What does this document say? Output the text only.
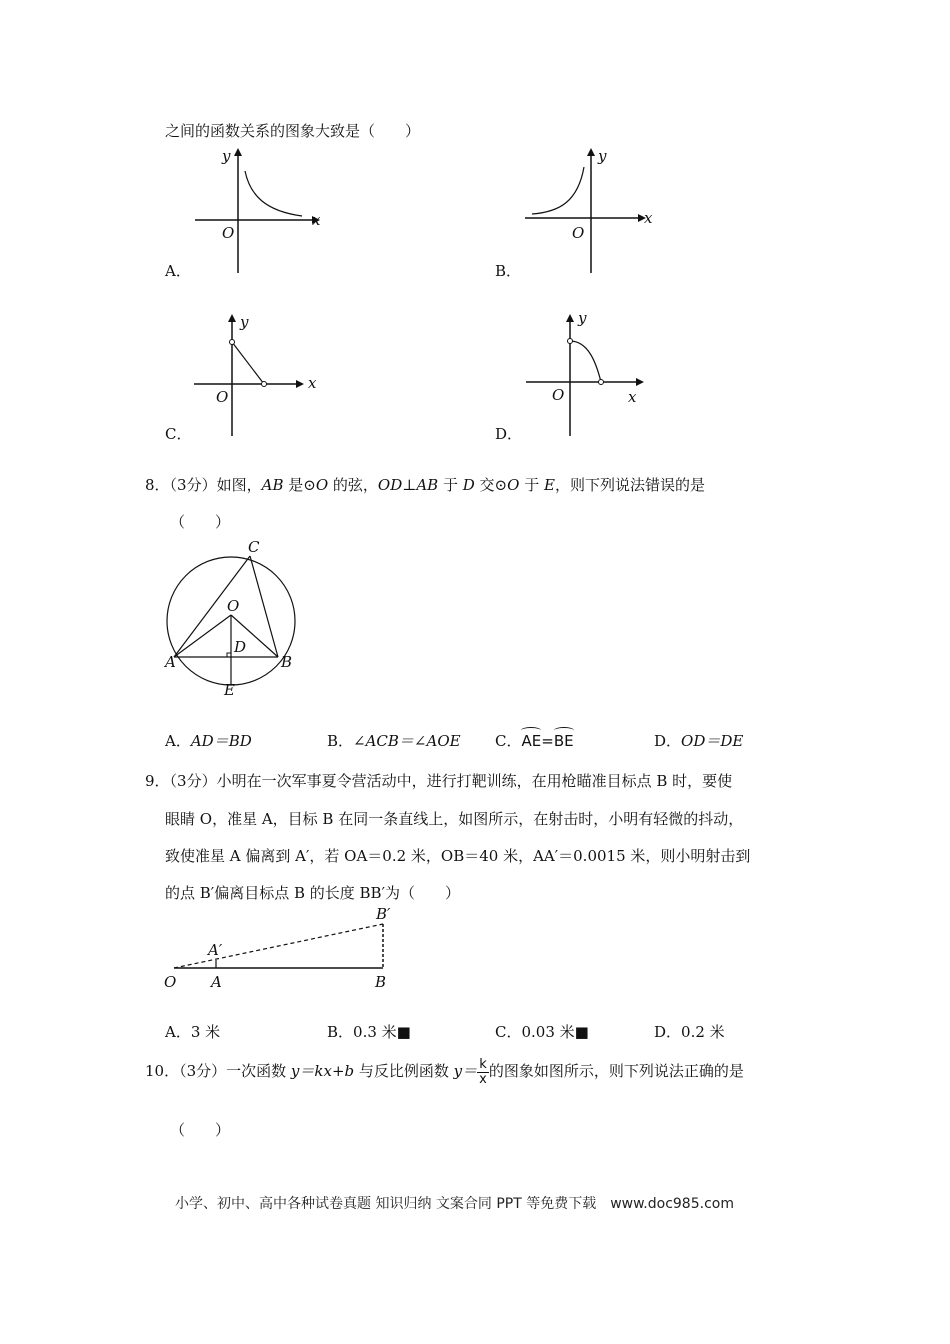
之间的函数关系的图象大致是（　　）
y
x
O
A．
y
x
O
B．
y
x
O
C．
y
x
O
D．
8．（3分）如图，AB 是⊙O 的弦，OD⊥AB 于 D 交⊙O 于 E，则下列说法错误的是
（　　）
C
O
D
A	B
E
A．AD＝BD	B．∠ACB＝∠AOE C．AE=BE	D．OD＝DE
9．（3分）小明在一次军事夏令营活动中，进行打靶训练，在用枪瞄准目标点 B 时，要使
眼睛 O，准星 A，目标 B 在同一条直线上，如图所示，在射击时，小明有轻微的抖动，
致使准星 A 偏离到 A′，若 OA＝0.2 米，OB＝40 米，AA′＝0.0015 米，则小明射击到
的点 B′偏离目标点 B 的长度 BB′为（　　）
B′
A′
O A	B
A．3 米	B．0.3 米■	C．0.03 米■	D．0.2 米
10．（3分）一次函数 y＝kx+b 与反比例函数 $y= \frac{k}{x}$ 的图象如图所示，则下列说法正确的是
（　　）
小学、初中、高中各种试卷真题 知识归纳 文案合同 PPT 等免费下载　www.doc985.com
